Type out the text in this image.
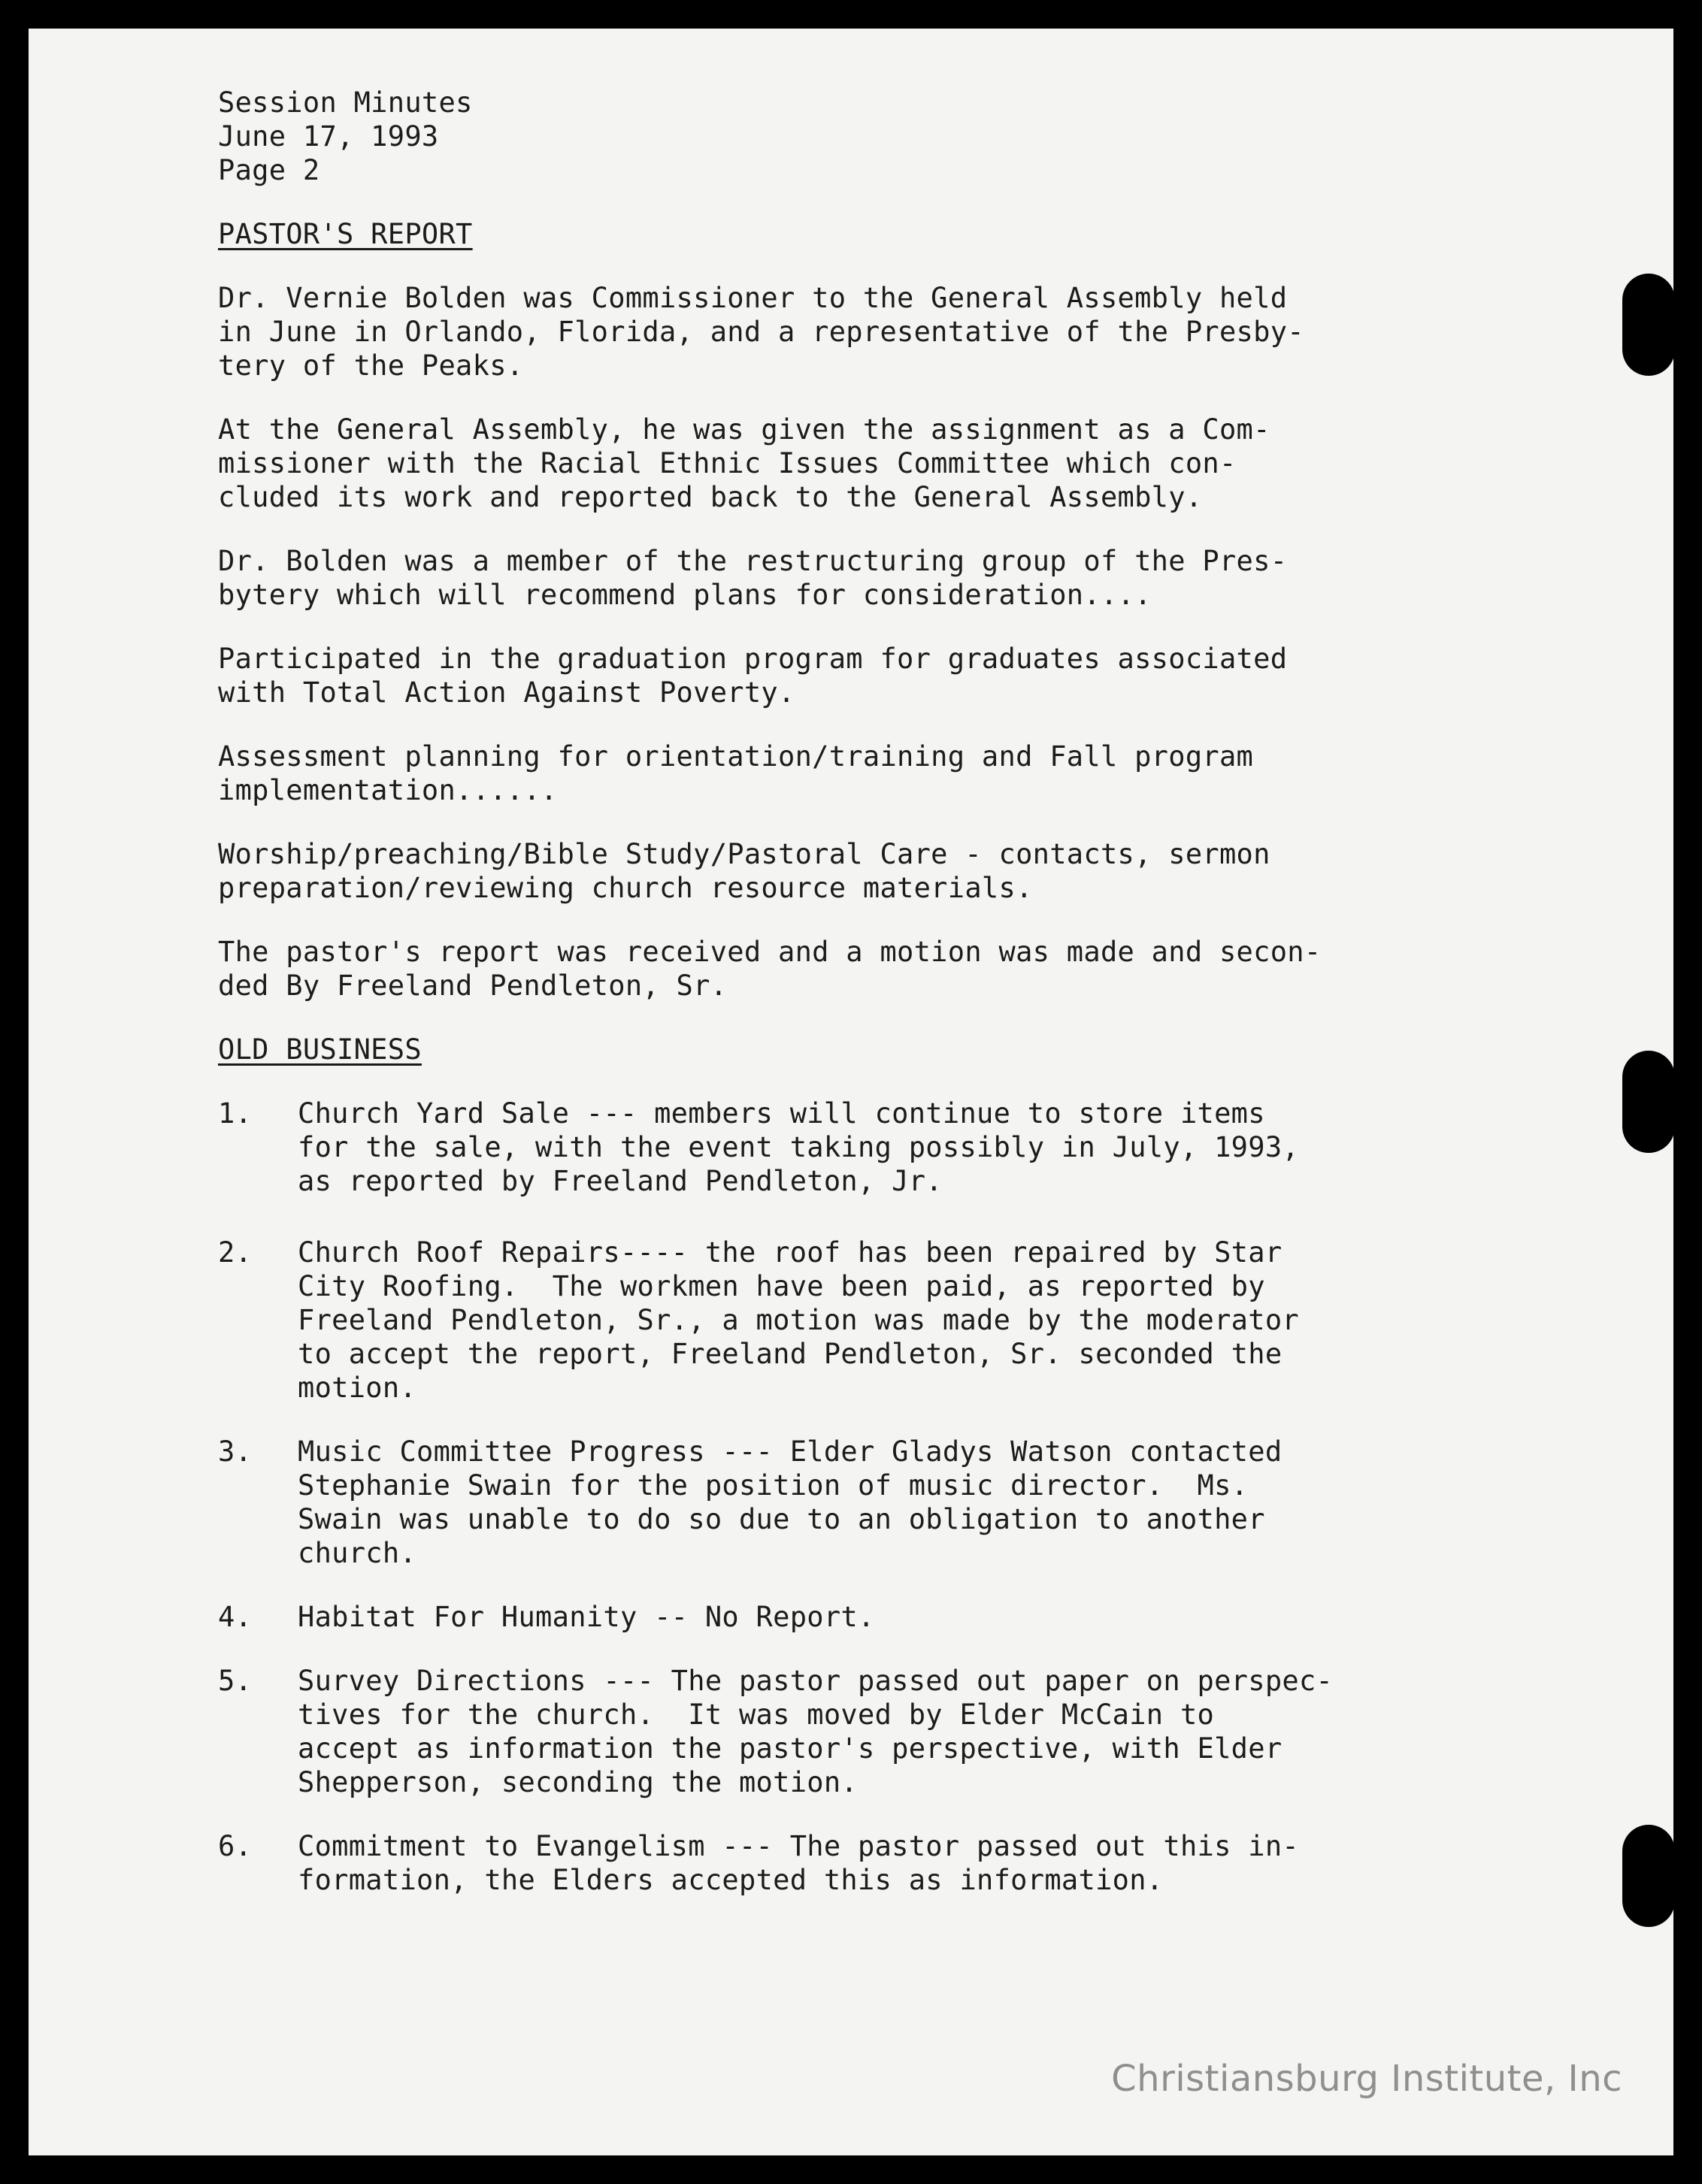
Session Minutes
June 17, 1993
Page 2
PASTOR'S REPORT
Dr. Vernie Bolden was Commissioner to the General Assembly held
in June in Orlando, Florida, and a representative of the Presby-
tery of the Peaks.
At the General Assembly, he was given the assignment as a Com-
missioner with the Racial Ethnic Issues Committee which con-
cluded its work and reported back to the General Assembly.
Dr. Bolden was a member of the restructuring group of the Pres-
bytery which will recommend plans for consideration....
Participated in the graduation program for graduates associated
with Total Action Against Poverty.
Assessment planning for orientation/training and Fall program
implementation......
Worship/preaching/Bible Study/Pastoral Care - contacts, sermon
preparation/reviewing church resource materials.
The pastor's report was received and a motion was made and secon-
ded By Freeland Pendleton, Sr.
OLD BUSINESS
1.	Church Yard Sale --- members will continue to store items
for the sale, with the event taking possibly in July, 1993,
as reported by Freeland Pendleton, Jr.
2.	Church Roof Repairs---- the roof has been repaired by Star
City Roofing.  The workmen have been paid, as reported by
Freeland Pendleton, Sr., a motion was made by the moderator
to accept the report, Freeland Pendleton, Sr. seconded the
motion.
3.	Music Committee Progress --- Elder Gladys Watson contacted
Stephanie Swain for the position of music director.  Ms.
Swain was unable to do so due to an obligation to another
church.
4.	Habitat For Humanity -- No Report.
5.	Survey Directions --- The pastor passed out paper on perspec-
tives for the church.  It was moved by Elder McCain to
accept as information the pastor's perspective, with Elder
Shepperson, seconding the motion.
6.	Commitment to Evangelism --- The pastor passed out this in-
formation, the Elders accepted this as information.
Christiansburg Institute, Inc
